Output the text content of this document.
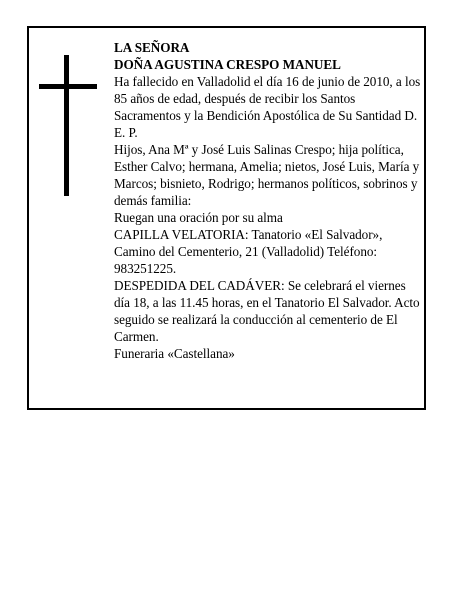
LA SEÑORA

DOÑA AGUSTINA CRESPO MANUEL

Ha fallecido en Valladolid el día 16 de junio de 2010, a los 85 años de edad, después de recibir los Santos Sacramentos y la Bendición Apostólica de Su Santidad D. E. P.

Hijos, Ana Mª y José Luis Salinas Crespo; hija política, Esther Calvo; hermana, Amelia; nietos, José Luis, María y Marcos; bisnieto, Rodrigo; hermanos políticos, sobrinos y demás familia:

Ruegan una oración por su alma

CAPILLA VELATORIA: Tanatorio «El Salvador», Camino del Cementerio, 21 (Valladolid) Teléfono: 983251225.

DESPEDIDA DEL CADÁVER: Se celebrará el viernes día 18, a las 11.45 horas, en el Tanatorio El Salvador. Acto seguido se realizará la conducción al cementerio de El Carmen.

Funeraria «Castellana»
